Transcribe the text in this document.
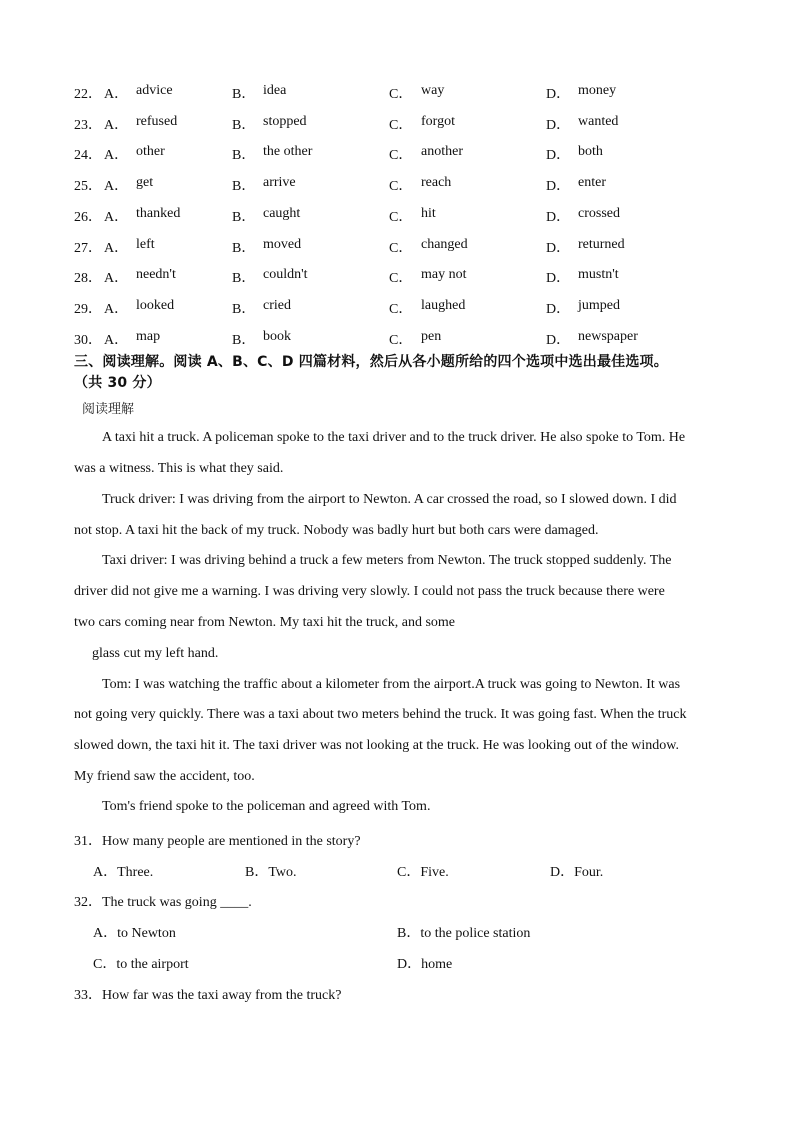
22． A． advice	B． idea	C． way	D． money
23． A． refused	B． stopped	C． forgot	D． wanted
24． A． other	B． the other	C． another	D． both
25． A． get	B． arrive	C． reach	D． enter
26． A． thanked	B． caught	C． hit	D． crossed
27． A． left	B． moved	C． changed	D． returned
28． A． needn't	B． couldn't	C． may not	D． mustn't
29． A． looked	B． cried	C． laughed	D． jumped
30． A． map	B． book	C． pen	D． newspaper
三、阅读理解。阅读 A、B、C、D 四篇材料，然后从各小题所给的四个选项中选出最佳选项。
（共 30 分）
阅读理解
A taxi hit a truck. A policeman spoke to the taxi driver and to the truck driver. He also spoke to Tom. He
was a witness. This is what they said.
Truck driver: I was driving from the airport to Newton. A car crossed the road, so I slowed down. I did
not stop. A taxi hit the back of my truck. Nobody was badly hurt but both cars were damaged.
Taxi driver: I was driving behind a truck a few meters from Newton. The truck stopped suddenly. The
driver did not give me a warning. I was driving very slowly. I could not pass the truck because there were
two cars coming near from Newton. My taxi hit the truck, and some
glass cut my left hand.
Tom: I was watching the traffic about a kilometer from the airport.A truck was going to Newton. It was
not going very quickly. There was a taxi about two meters behind the truck. It was going fast. When the truck
slowed down, the taxi hit it. The taxi driver was not looking at the truck. He was looking out of the window.
My friend saw the accident, too.
Tom's friend spoke to the policeman and agreed with Tom.
31．How many people are mentioned in the story?
A．Three.	B．Two.	C．Five.	D．Four.
32．The truck was going ____.
A．to Newton	B．to the police station
C．to the airport	D．home
33．How far was the taxi away from the truck?
